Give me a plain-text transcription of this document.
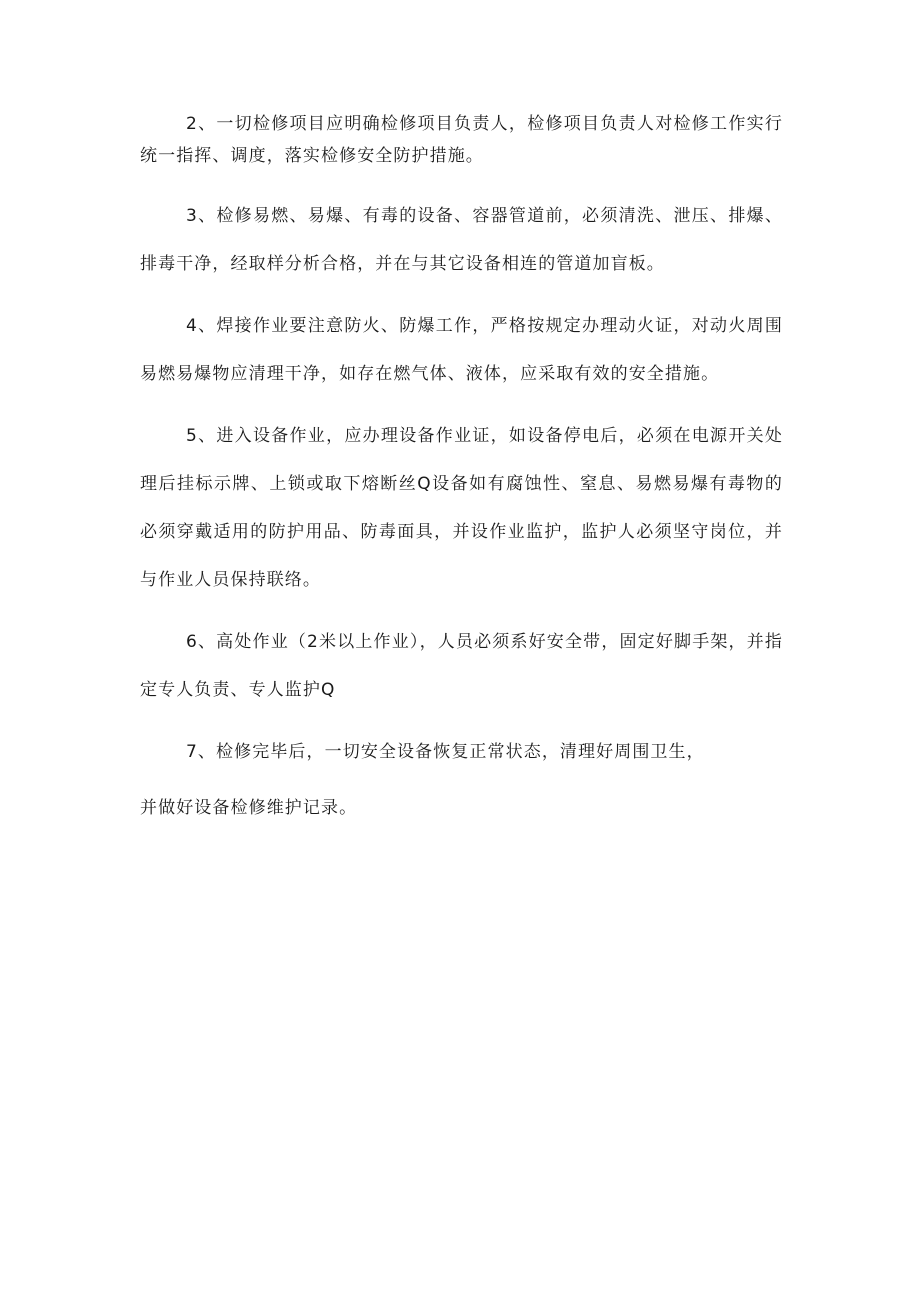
2、一切检修项目应明确检修项目负责人，检修项目负责人对检修工作实行统一指挥、调度，落实检修安全防护措施。

3、检修易燃、易爆、有毒的设备、容器管道前，必须清洗、泄压、排爆、排毒干净，经取样分析合格，并在与其它设备相连的管道加盲板。

4、焊接作业要注意防火、防爆工作，严格按规定办理动火证，对动火周围易燃易爆物应清理干净，如存在燃气体、液体，应采取有效的安全措施。

5、进入设备作业，应办理设备作业证，如设备停电后，必须在电源开关处理后挂标示牌、上锁或取下熔断丝Q设备如有腐蚀性、窒息、易燃易爆有毒物的必须穿戴适用的防护用品、防毒面具，并设作业监护，监护人必须坚守岗位，并与作业人员保持联络。

6、高处作业（2米以上作业），人员必须系好安全带，固定好脚手架，并指定专人负责、专人监护Q

7、检修完毕后，一切安全设备恢复正常状态，清理好周围卫生，

并做好设备检修维护记录。
